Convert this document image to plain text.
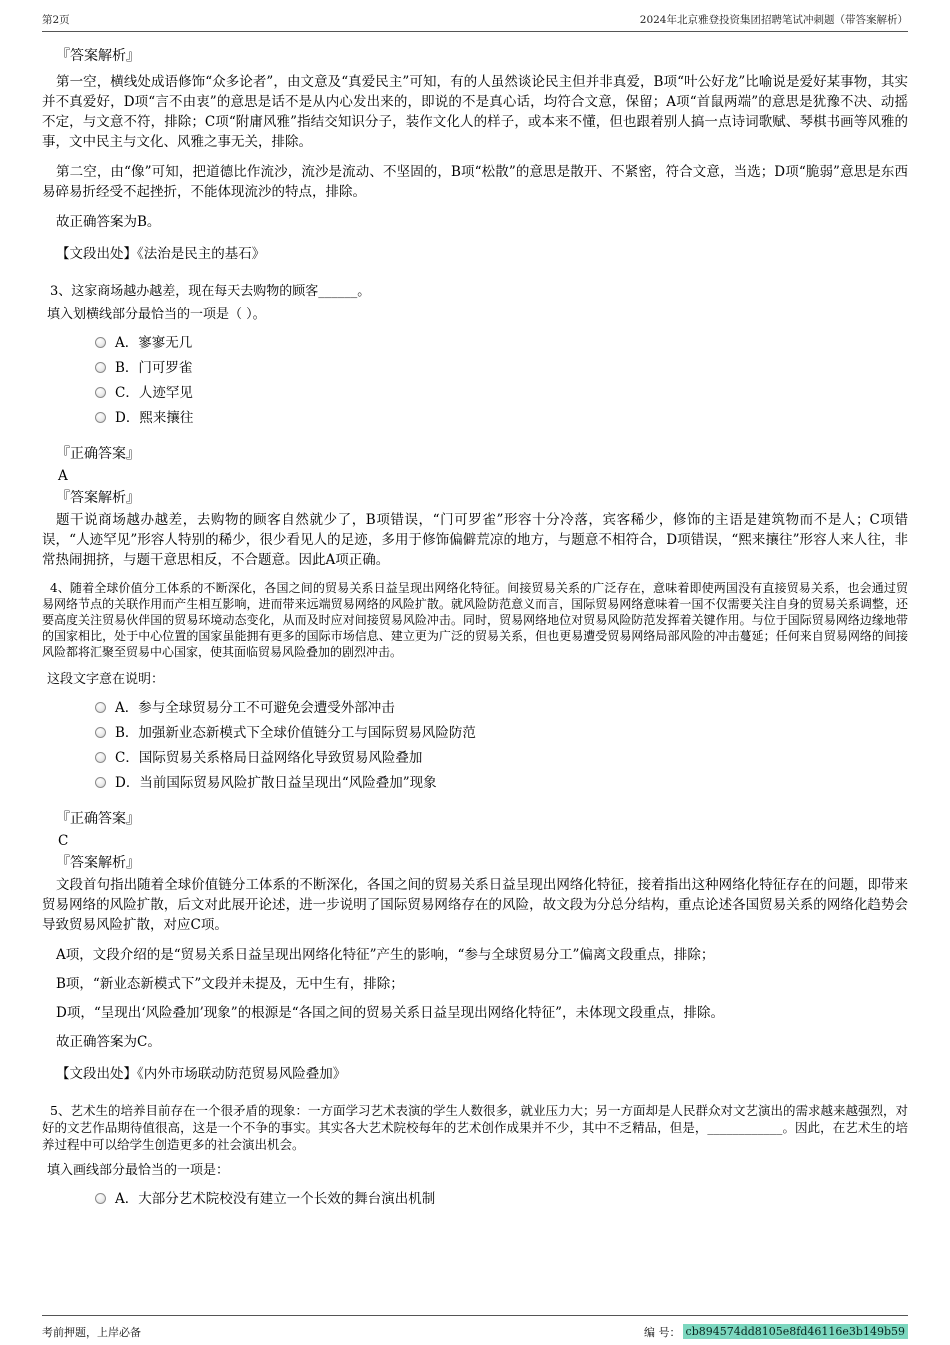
第2页	2024年北京雅登投资集团招聘笔试冲刺题（带答案解析）
『答案解析』

第一空，横线处成语修饰“众多论者”，由文意及“真爱民主”可知，有的人虽然谈论民主但并非真爱，B项“叶公好龙”比喻说是爱好某事物，其实并不真爱好，D项“言不由衷”的意思是话不是从内心发出来的，即说的不是真心话，均符合文意，保留；A项“首鼠两端”的意思是犹豫不决、动摇不定，与文意不符，排除；C项“附庸风雅”指结交知识分子，装作文化人的样子，或本来不懂，但也跟着别人搞一点诗词歌赋、琴棋书画等风雅的事，文中民主与文化、风雅之事无关，排除。

第二空，由“像”可知，把道德比作流沙，流沙是流动、不坚固的，B项“松散”的意思是散开、不紧密，符合文意，当选；D项“脆弱”意思是东西易碎易折经受不起挫折，不能体现流沙的特点，排除。

故正确答案为B。

【文段出处】《法治是民主的基石》

3、这家商场越办越差，现在每天去购物的顾客______。

填入划横线部分最恰当的一项是（ ）。

A．寥寥无几
B．门可罗雀
C．人迹罕见
D．熙来攘往
『正确答案』
A
『答案解析』

题干说商场越办越差，去购物的顾客自然就少了，B项错误，“门可罗雀”形容十分冷落，宾客稀少，修饰的主语是建筑物而不是人；C项错误，“人迹罕见”形容人特别的稀少，很少看见人的足迹，多用于修饰偏僻荒凉的地方，与题意不相符合，D项错误，“熙来攘往”形容人来人往，非常热闹拥挤，与题干意思相反，不合题意。因此A项正确。

4、随着全球价值分工体系的不断深化，各国之间的贸易关系日益呈现出网络化特征。间接贸易关系的广泛存在，意味着即使两国没有直接贸易关系，也会通过贸易网络节点的关联作用而产生相互影响，进而带来远端贸易网络的风险扩散。就风险防范意义而言，国际贸易网络意味着一国不仅需要关注自身的贸易关系调整，还要高度关注贸易伙伴国的贸易环境动态变化，从而及时应对间接贸易风险冲击。同时，贸易网络地位对贸易风险防范发挥着关键作用。与位于国际贸易网络边缘地带的国家相比，处于中心位置的国家虽能拥有更多的国际市场信息、建立更为广泛的贸易关系，但也更易遭受贸易网络局部风险的冲击蔓延；任何来自贸易网络的间接风险都将汇聚至贸易中心国家，使其面临贸易风险叠加的剧烈冲击。

这段文字意在说明：

A．参与全球贸易分工不可避免会遭受外部冲击
B．加强新业态新模式下全球价值链分工与国际贸易风险防范
C．国际贸易关系格局日益网络化导致贸易风险叠加
D．当前国际贸易风险扩散日益呈现出“风险叠加”现象
『正确答案』
C
『答案解析』

文段首句指出随着全球价值链分工体系的不断深化，各国之间的贸易关系日益呈现出网络化特征，接着指出这种网络化特征存在的问题，即带来贸易网络的风险扩散，后文对此展开论述，进一步说明了国际贸易网络存在的风险，故文段为分总分结构，重点论述各国贸易关系的网络化趋势会导致贸易风险扩散，对应C项。

A项，文段介绍的是“贸易关系日益呈现出网络化特征”产生的影响，“参与全球贸易分工”偏离文段重点，排除；

B项，“新业态新模式下”文段并未提及，无中生有，排除；

D项，“呈现出‘风险叠加’现象”的根源是“各国之间的贸易关系日益呈现出网络化特征”，未体现文段重点，排除。

故正确答案为C。

【文段出处】《内外市场联动防范贸易风险叠加》

5、艺术生的培养目前存在一个很矛盾的现象：一方面学习艺术表演的学生人数很多，就业压力大；另一方面却是人民群众对文艺演出的需求越来越强烈，对好的文艺作品期待值很高，这是一个不争的事实。其实各大艺术院校每年的艺术创作成果并不少，其中不乏精品，但是，____________。因此，在艺术生的培养过程中可以给学生创造更多的社会演出机会。

填入画线部分最恰当的一项是：

A．大部分艺术院校没有建立一个长效的舞台演出机制
考前押题，上岸必备	编 号： cb894574dd8105e8fd46116e3b149b59
